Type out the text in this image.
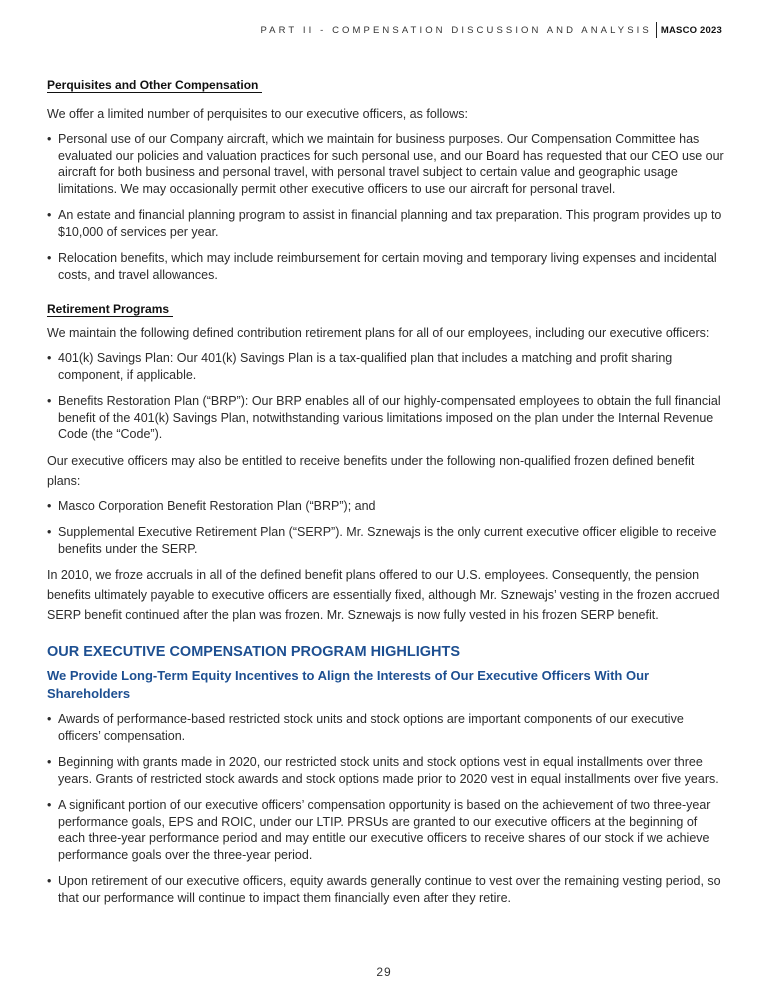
PART II - COMPENSATION DISCUSSION AND ANALYSIS MASCO 2023
Perquisites and Other Compensation

We offer a limited number of perquisites to our executive officers, as follows:

• Personal use of our Company aircraft, which we maintain for business purposes. Our Compensation Committee has evaluated our policies and valuation practices for such personal use, and our Board has requested that our CEO use our aircraft for both business and personal travel, with personal travel subject to certain value and geographic usage limitations. We may occasionally permit other executive officers to use our aircraft for personal travel.
• An estate and financial planning program to assist in financial planning and tax preparation. This program provides up to $10,000 of services per year.
• Relocation benefits, which may include reimbursement for certain moving and temporary living expenses and incidental costs, and travel allowances.
Retirement Programs

We maintain the following defined contribution retirement plans for all of our employees, including our executive officers:

• 401(k) Savings Plan: Our 401(k) Savings Plan is a tax-qualified plan that includes a matching and profit sharing component, if applicable.
• Benefits Restoration Plan (“BRP”): Our BRP enables all of our highly-compensated employees to obtain the full financial benefit of the 401(k) Savings Plan, notwithstanding various limitations imposed on the plan under the Internal Revenue Code (the “Code”).

Our executive officers may also be entitled to receive benefits under the following non-qualified frozen defined benefit plans:

• Masco Corporation Benefit Restoration Plan (“BRP”); and
• Supplemental Executive Retirement Plan (“SERP”). Mr. Sznewajs is the only current executive officer eligible to receive benefits under the SERP.

In 2010, we froze accruals in all of the defined benefit plans offered to our U.S. employees. Consequently, the pension benefits ultimately payable to executive officers are essentially fixed, although Mr. Sznewajs’ vesting in the frozen accrued SERP benefit continued after the plan was frozen. Mr. Sznewajs is now fully vested in his frozen SERP benefit.

OUR EXECUTIVE COMPENSATION PROGRAM HIGHLIGHTS
We Provide Long-Term Equity Incentives to Align the Interests of Our Executive Officers With Our Shareholders
• Awards of performance-based restricted stock units and stock options are important components of our executive officers’ compensation.
• Beginning with grants made in 2020, our restricted stock units and stock options vest in equal installments over three years. Grants of restricted stock awards and stock options made prior to 2020 vest in equal installments over five years.
• A significant portion of our executive officers’ compensation opportunity is based on the achievement of two three-year performance goals, EPS and ROIC, under our LTIP. PRSUs are granted to our executive officers at the beginning of each three-year performance period and may entitle our executive officers to receive shares of our stock if we achieve performance goals over the three-year period.
• Upon retirement of our executive officers, equity awards generally continue to vest over the remaining vesting period, so that our performance will continue to impact them financially even after they retire.
29
